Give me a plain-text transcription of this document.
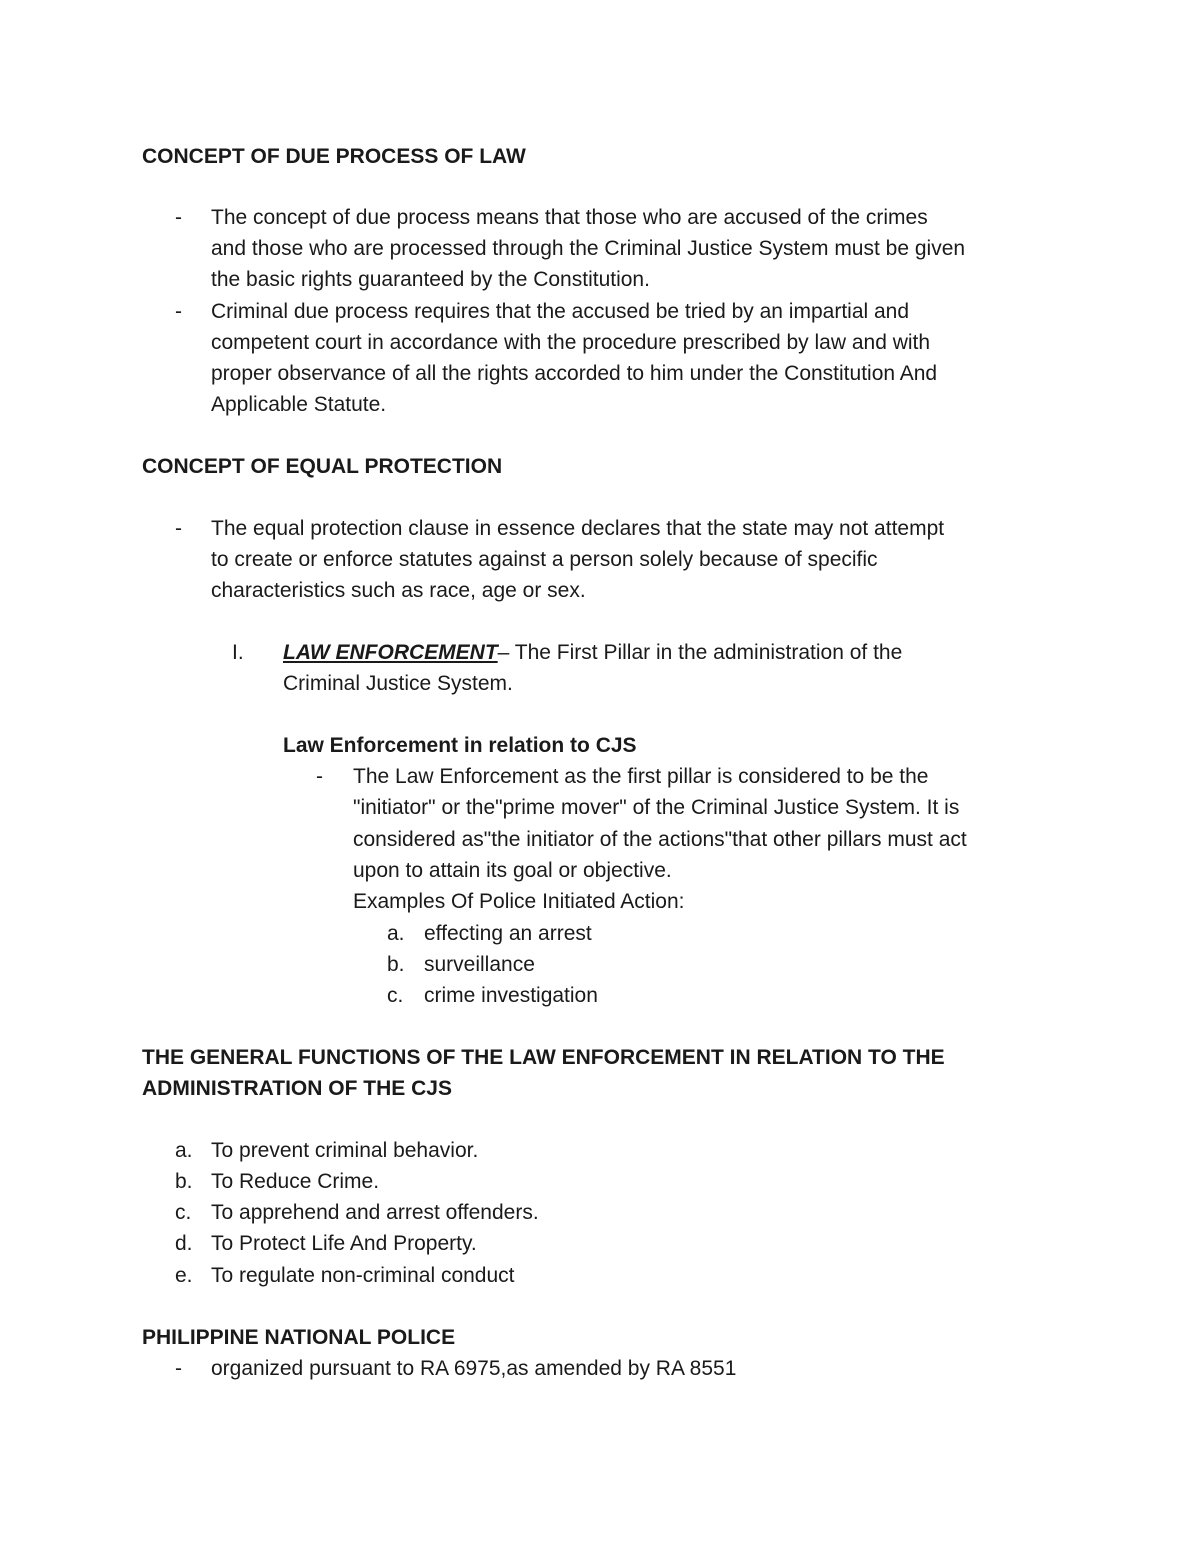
CONCEPT OF DUE PROCESS OF LAW
- The concept of due process means that those who are accused of the crimes
and those who are processed through the Criminal Justice System must be given
the basic rights guaranteed by the Constitution.
- Criminal due process requires that the accused be tried by an impartial and
competent court in accordance with the procedure prescribed by law and with
proper observance of all the rights accorded to him under the Constitution And
Applicable Statute.
CONCEPT OF EQUAL PROTECTION
- The equal protection clause in essence declares that the state may not attempt
to create or enforce statutes against a person solely because of specific
characteristics such as race, age or sex.
I. LAW ENFORCEMENT– The First Pillar in the administration of the
Criminal Justice System.
Law Enforcement in relation to CJS
- The Law Enforcement as the first pillar is considered to be the
"initiator" or the"prime mover" of the Criminal Justice System. It is
considered as"the initiator of the actions"that other pillars must act
upon to attain its goal or objective.
Examples Of Police Initiated Action:
a. effecting an arrest
b. surveillance
c. crime investigation
THE GENERAL FUNCTIONS OF THE LAW ENFORCEMENT IN RELATION TO THE
ADMINISTRATION OF THE CJS
a. To prevent criminal behavior.
b. To Reduce Crime.
c. To apprehend and arrest offenders.
d. To Protect Life And Property.
e. To regulate non-criminal conduct
PHILIPPINE NATIONAL POLICE
- organized pursuant to RA 6975,as amended by RA 8551
